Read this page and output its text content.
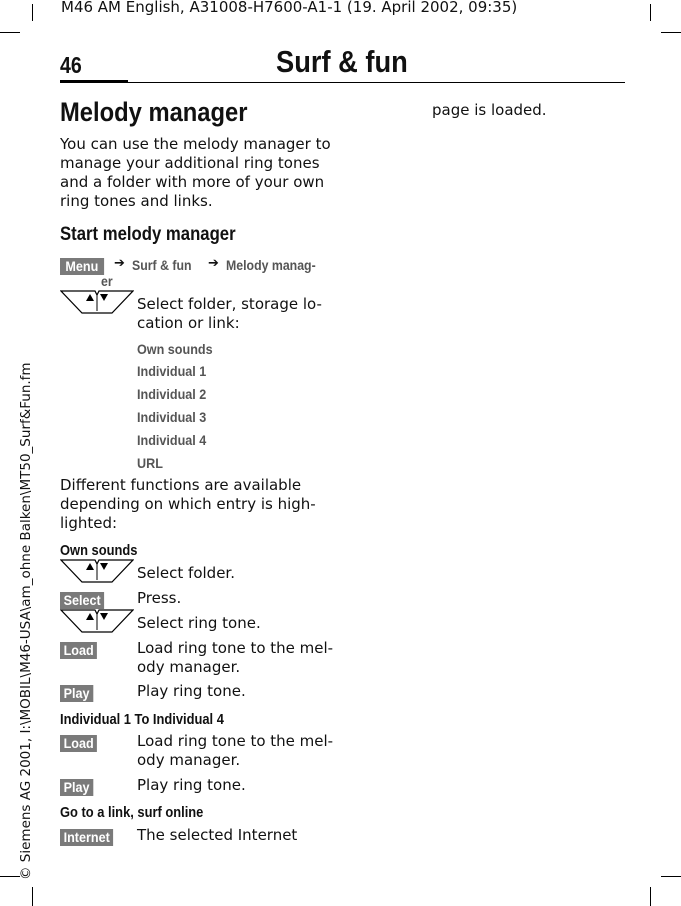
M46 AM English, A31008-H7600-A1-1 (19. April 2002, 09:35)
46	Surf & fun
© Siemens AG 2001, I:\MOBIL\M46-USA\am_ohne Balken\MT50_Surf&Fun.fm
Melody manager
You can use the melody manager to
manage your additional ring tones
and a folder with more of your own
ring tones and links.
Start melody manager
Menu	➔ Surf & fun ➔ Melody manag-
er
Select folder, storage lo-
cation or link:
Own sounds
Individual 1
Individual 2
Individual 3
Individual 4
URL
Different functions are available
depending on which entry is high-
lighted:
Own sounds
Select folder.
Select	Press.
Select ring tone.
Load	Load ring tone to the mel-
ody manager.
Play	Play ring tone.
Individual 1 To Individual 4
Load	Load ring tone to the mel-
ody manager.
Play	Play ring tone.
Go to a link, surf online
Internet	The selected Internet
page is loaded.
